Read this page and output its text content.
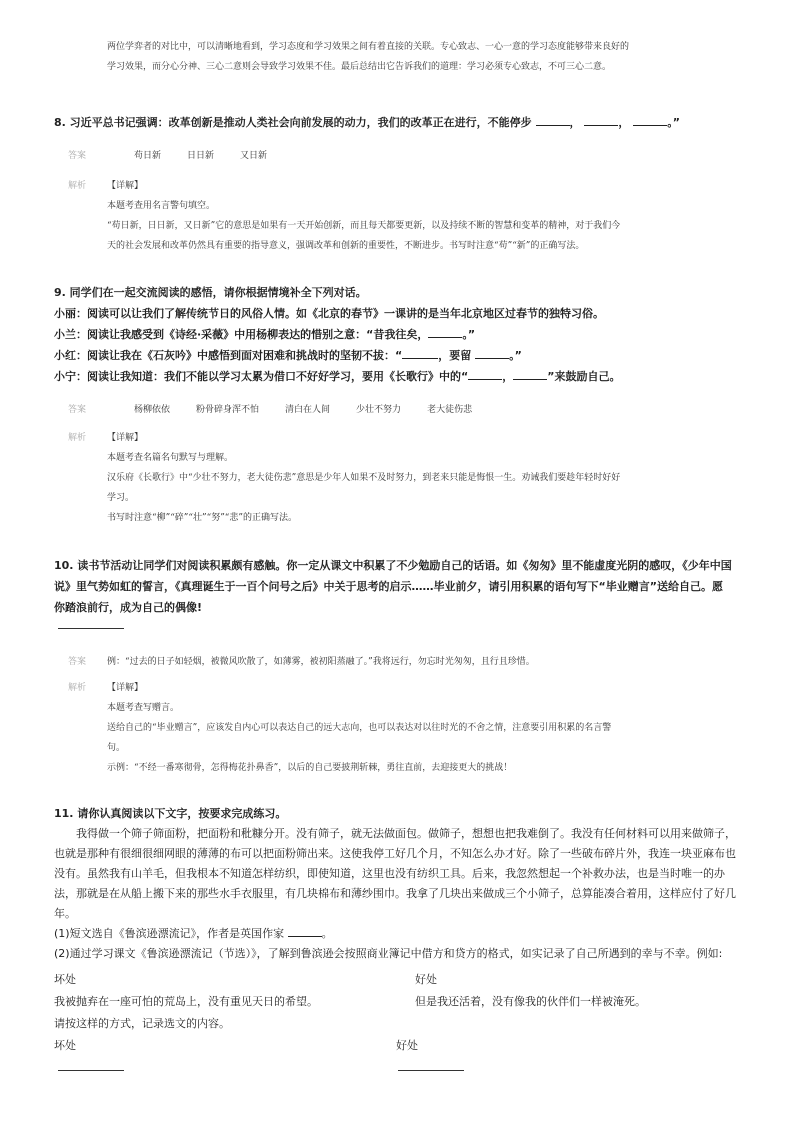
两位学弈者的对比中，可以清晰地看到，学习态度和学习效果之间有着直接的关联。专心致志、一心一意的学习态度能够带来良好的

学习效果，而分心分神、三心二意则会导致学习效果不佳。最后总结出它告诉我们的道理：学习必须专心致志，不可三心二意。

8. 习近平总书记强调：改革创新是推动人类社会向前发展的动力，我们的改革正在进行，不能停步	，	，	。”

答案	苟日新	日日新	又日新
解析	【详解】

本题考查用名言警句填空。

“苟日新，日日新，又日新”它的意思是如果有一天开始创新，而且每天都要更新，以及持续不断的智慧和变革的精神，对于我们今

天的社会发展和改革仍然具有重要的指导意义，强调改革和创新的重要性，不断进步。书写时注意“苟”“新”的正确写法。

9. 同学们在一起交流阅读的感悟，请你根据情境补全下列对话。

小丽：阅读可以让我们了解传统节日的风俗人情。如《北京的春节》一课讲的是当年北京地区过春节的独特习俗。

小兰：阅读让我感受到《诗经·采薇》中用杨柳表达的惜别之意：“昔我往矣，	。”

小红：阅读让我在《石灰吟》中感悟到面对困难和挑战时的坚韧不拔：“	，要留	。”

小宁：阅读让我知道：我们不能以学习太累为借口不好好学习，要用《长歌行》中的“	，	”来鼓励自己。

答案	杨柳依依	粉骨碎身浑不怕	清白在人间	少壮不努力	老大徒伤悲
解析	【详解】

本题考查名篇名句默写与理解。

汉乐府《长歌行》中“少壮不努力，老大徒伤悲”意思是少年人如果不及时努力，到老来只能是悔恨一生。劝诫我们要趁年轻时好好

学习。

书写时注意“柳”“碎”“壮”“努”“悲”的正确写法。

10. 读书节活动让同学们对阅读积累颇有感触。你一定从课文中积累了不少勉励自己的话语。如《匆匆》里不能虚度光阴的感叹，《少年中国

说》里气势如虹的誓言，《真理诞生于一百个问号之后》中关于思考的启示……毕业前夕，请引用积累的语句写下“毕业赠言”送给自己。愿

你踏浪前行，成为自己的偶像!

答案	例：“过去的日子如轻烟，被微风吹散了，如薄雾，被初阳蒸融了。”我将远行，勿忘时光匆匆，且行且珍惜。
解析	【详解】

本题考查写赠言。

送给自己的“毕业赠言”，应该发自内心可以表达自己的远大志向，也可以表达对以往时光的不舍之情，注意要引用积累的名言警

句。

示例：“不经一番寒彻骨，怎得梅花扑鼻香”，以后的自己要披荆斩棘，勇往直前，去迎接更大的挑战！

11. 请你认真阅读以下文字，按要求完成练习。

我得做一个筛子筛面粉，把面粉和秕糠分开。没有筛子，就无法做面包。做筛子，想想也把我难倒了。我没有任何材料可以用来做筛子，

也就是那种有很细很细网眼的薄薄的布可以把面粉筛出来。这使我停工好几个月，不知怎么办才好。除了一些破布碎片外，我连一块亚麻布也

没有。虽然我有山羊毛，但我根本不知道怎样纺织，即使知道，这里也没有纺织工具。后来，我忽然想起一个补救办法，也是当时唯一的办

法，那就是在从船上搬下来的那些水手衣服里，有几块棉布和薄纱围巾。我拿了几块出来做成三个小筛子，总算能凑合着用，这样应付了好几

年。

(1)短文选自《鲁滨逊漂流记》，作者是英国作家	。

(2)通过学习课文《鲁滨逊漂流记（节选）》，了解到鲁滨逊会按照商业簿记中借方和贷方的格式，如实记录了自己所遇到的幸与不幸。例如:

坏处	好处

我被抛弃在一座可怕的荒岛上，没有重见天日的希望。	但是我还活着，没有像我的伙伴们一样被淹死。

请按这样的方式，记录选文的内容。

坏处	好处
